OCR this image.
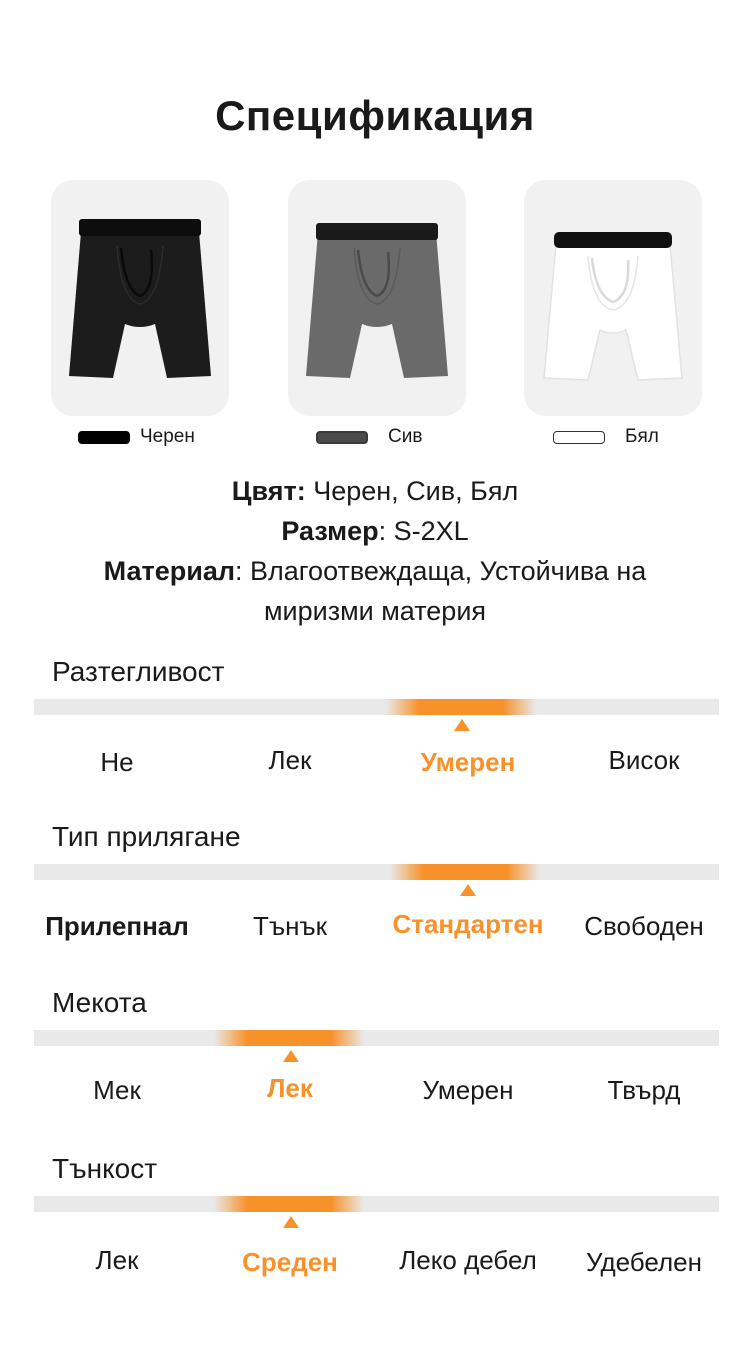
Спецификация
Черен	Сив	Бял
Цвят: Черен, Сив, Бял
Размер: S-2XL
Материал: Влагоотвеждаща, Устойчива на
миризми материя
Разтегливост
Не	Лек	Умерен	Висок
Тип прилягане
Прилепнал	Тънък	Стандартен	Свободен
Мекота
Мек	Лек	Умерен	Твърд
Тънкост
Лек	Среден	Леко дебел	Удебелен
